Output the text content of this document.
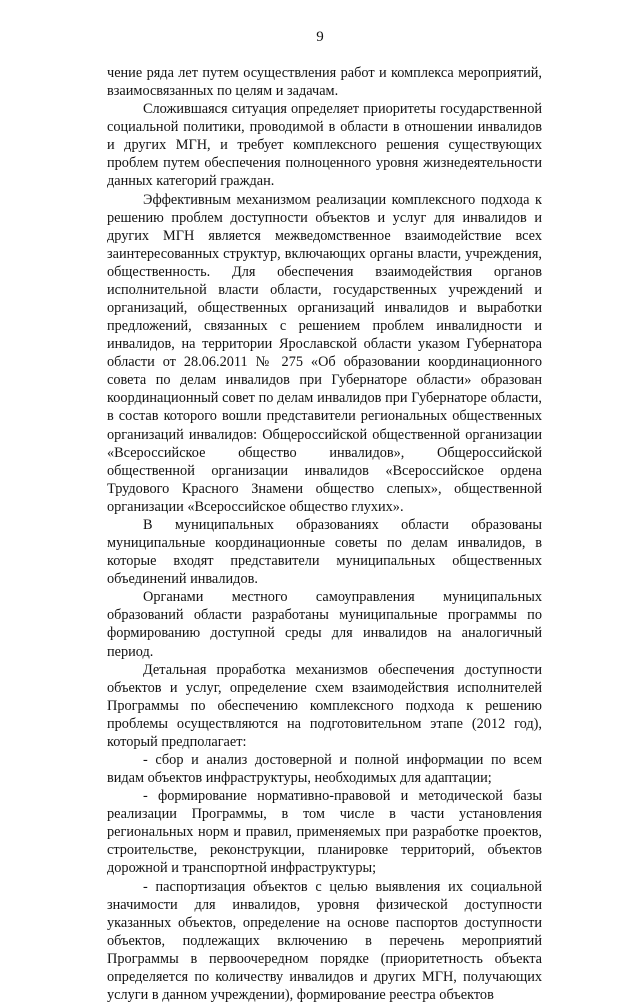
9

чение ряда лет путем осуществления работ и комплекса мероприятий, взаимосвязанных по целям и задачам.

Сложившаяся ситуация определяет приоритеты государственной социальной политики, проводимой в области в отношении инвалидов и других МГН, и требует комплексного решения существующих проблем путем обеспечения полноценного уровня жизнедеятельности данных категорий граждан.

Эффективным механизмом реализации комплексного подхода к решению проблем доступности объектов и услуг для инвалидов и других МГН является межведомственное взаимодействие всех заинтересованных структур, включающих органы власти, учреждения, общественность. Для обеспечения взаимодействия органов исполнительной власти области, государственных учреждений и организаций, общественных организаций инвалидов и выработки предложений, связанных с решением проблем инвалидности и инвалидов, на территории Ярославской области указом Губернатора области от 28.06.2011 № 275 «Об образовании координационного совета по делам инвалидов при Губернаторе области» образован координационный совет по делам инвалидов при Губернаторе области, в состав которого вошли представители региональных общественных организаций инвалидов: Общероссийской общественной организации «Всероссийское общество инвалидов», Общероссийской общественной организации инвалидов «Всероссийское ордена Трудового Красного Знамени общество слепых», общественной организации «Всероссийское общество глухих».

В муниципальных образованиях области образованы муниципальные координационные советы по делам инвалидов, в которые входят представители муниципальных общественных объединений инвалидов.

Органами местного самоуправления муниципальных образований области разработаны муниципальные программы по формированию доступной среды для инвалидов на аналогичный период.

Детальная проработка механизмов обеспечения доступности объектов и услуг, определение схем взаимодействия исполнителей Программы по обеспечению комплексного подхода к решению проблемы осуществляются на подготовительном этапе (2012 год), который предполагает:

- сбор и анализ достоверной и полной информации по всем видам объектов инфраструктуры, необходимых для адаптации;

- формирование нормативно-правовой и методической базы реализации Программы, в том числе в части установления региональных норм и правил, применяемых при разработке проектов, строительстве, реконструкции, планировке территорий, объектов дорожной и транспортной инфраструктуры;

- паспортизация объектов с целью выявления их социальной значимости для инвалидов, уровня физической доступности указанных объектов, определение на основе паспортов доступности объектов, подлежащих включению в перечень мероприятий Программы в первоочередном порядке (приоритетность объекта определяется по количеству инвалидов и других МГН, получающих услуги в данном учреждении), формирование реестра объектов
